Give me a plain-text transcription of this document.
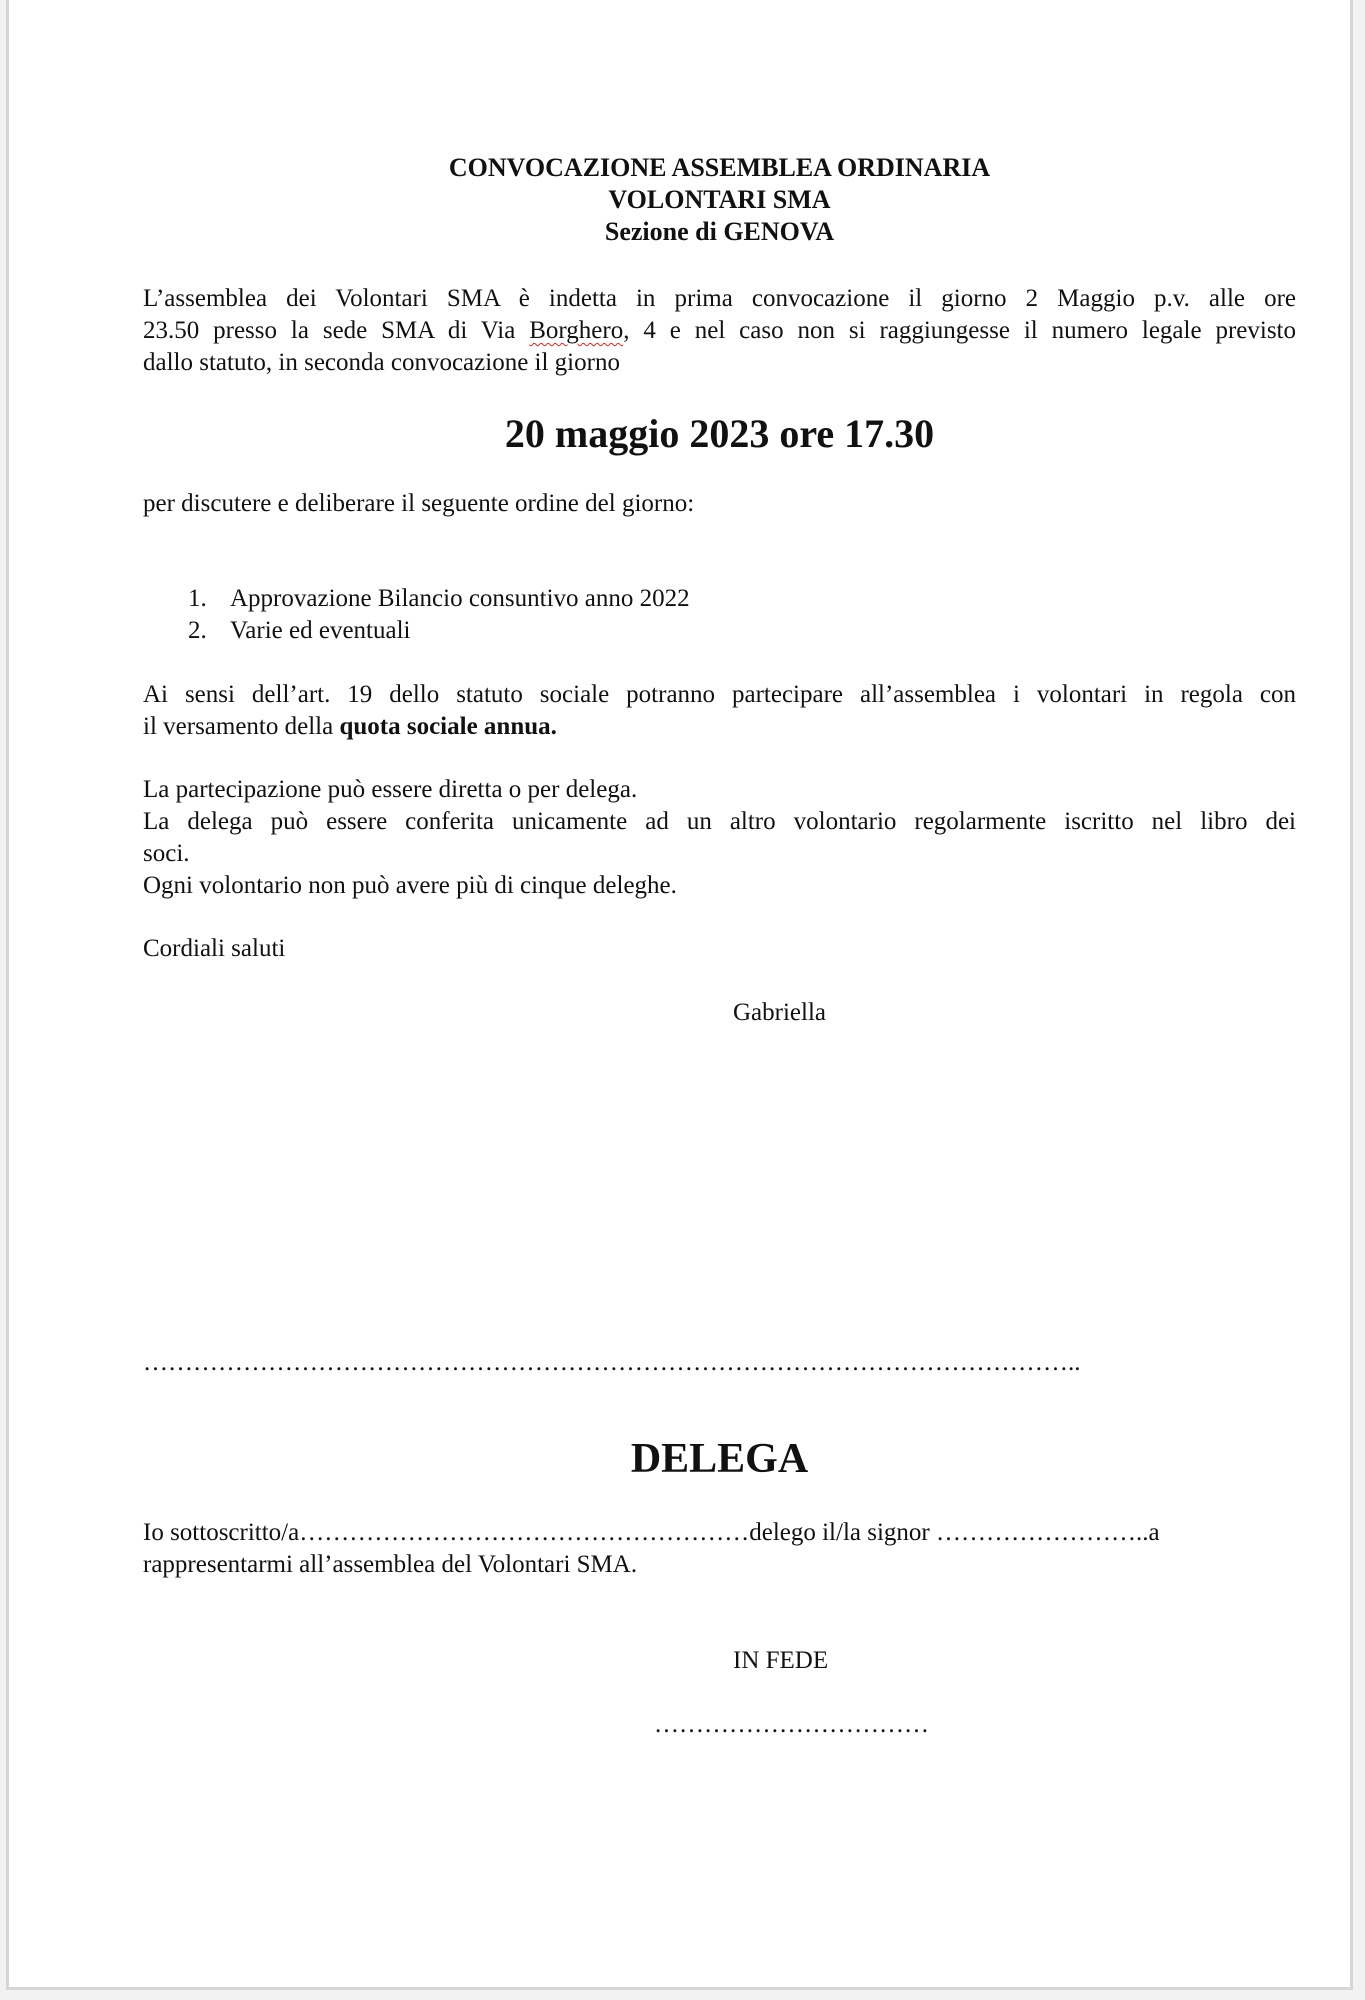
CONVOCAZIONE ASSEMBLEA ORDINARIA
VOLONTARI SMA
Sezione di GENOVA
L’assemblea dei Volontari SMA è indetta in prima convocazione il giorno 2 Maggio p.v. alle ore
23.50 presso la sede SMA di Via Borghero, 4 e nel caso non si raggiungesse il numero legale previsto
dallo statuto, in seconda convocazione il giorno
20 maggio 2023 ore 17.30
per discutere e deliberare il seguente ordine del giorno:
1. Approvazione Bilancio consuntivo anno 2022
2. Varie ed eventuali
Ai sensi dell’art. 19 dello statuto sociale potranno partecipare all’assemblea i volontari in regola con
il versamento della quota sociale annua.
La partecipazione può essere diretta o per delega.
La delega può essere conferita unicamente ad un altro volontario regolarmente iscritto nel libro dei
soci.
Ogni volontario non può avere più di cinque deleghe.
Cordiali saluti
Gabriella
…………………………………………………………………………………………………..
DELEGA
Io sottoscritto/a………………………………………………delego il/la signor ……………………..a
rappresentarmi all’assemblea del Volontari SMA.
IN FEDE
……………………………
